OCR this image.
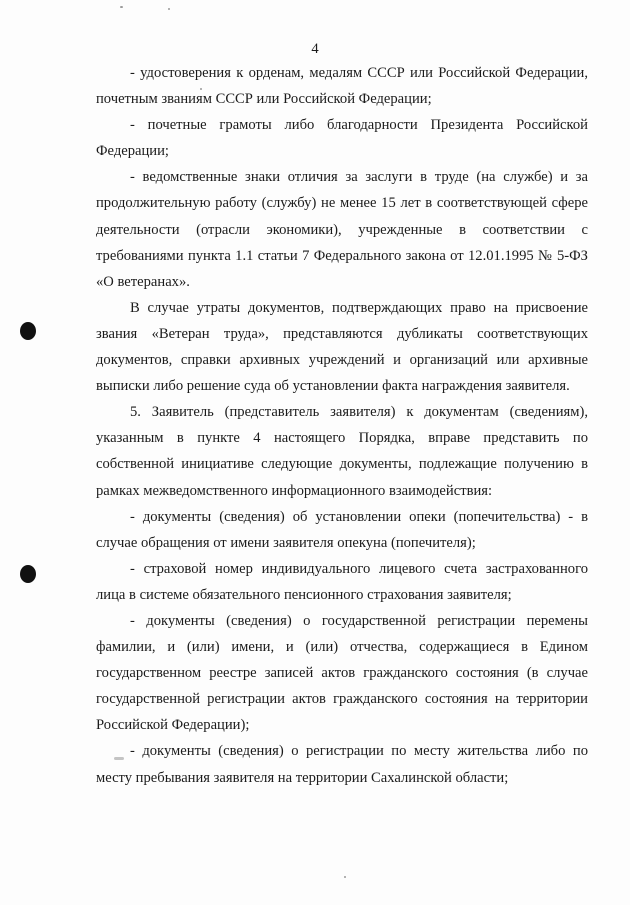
4

- удостоверения к орденам, медалям СССР или Российской Федерации, почетным званиям СССР или Российской Федерации;

- почетные грамоты либо благодарности Президента Российской Федерации;

- ведомственные знаки отличия за заслуги в труде (на службе) и за продолжительную работу (службу) не менее 15 лет в соответствующей сфере деятельности (отрасли экономики), учрежденные в соответствии с требованиями пункта 1.1 статьи 7 Федерального закона от 12.01.1995 № 5-ФЗ «О ветеранах».

В случае утраты документов, подтверждающих право на присвоение звания «Ветеран труда», представляются дубликаты соответствующих документов, справки архивных учреждений и организаций или архивные выписки либо решение суда об установлении факта награждения заявителя.

5. Заявитель (представитель заявителя) к документам (сведениям), указанным в пункте 4 настоящего Порядка, вправе представить по собственной инициативе следующие документы, подлежащие получению в рамках межведомственного информационного взаимодействия:

- документы (сведения) об установлении опеки (попечительства) - в случае обращения от имени заявителя опекуна (попечителя);

- страховой номер индивидуального лицевого счета застрахованного лица в системе обязательного пенсионного страхования заявителя;

- документы (сведения) о государственной регистрации перемены фамилии, и (или) имени, и (или) отчества, содержащиеся в Едином государственном реестре записей актов гражданского состояния (в случае государственной регистрации актов гражданского состояния на территории Российской Федерации);

- документы (сведения) о регистрации по месту жительства либо по месту пребывания заявителя на территории Сахалинской области;
